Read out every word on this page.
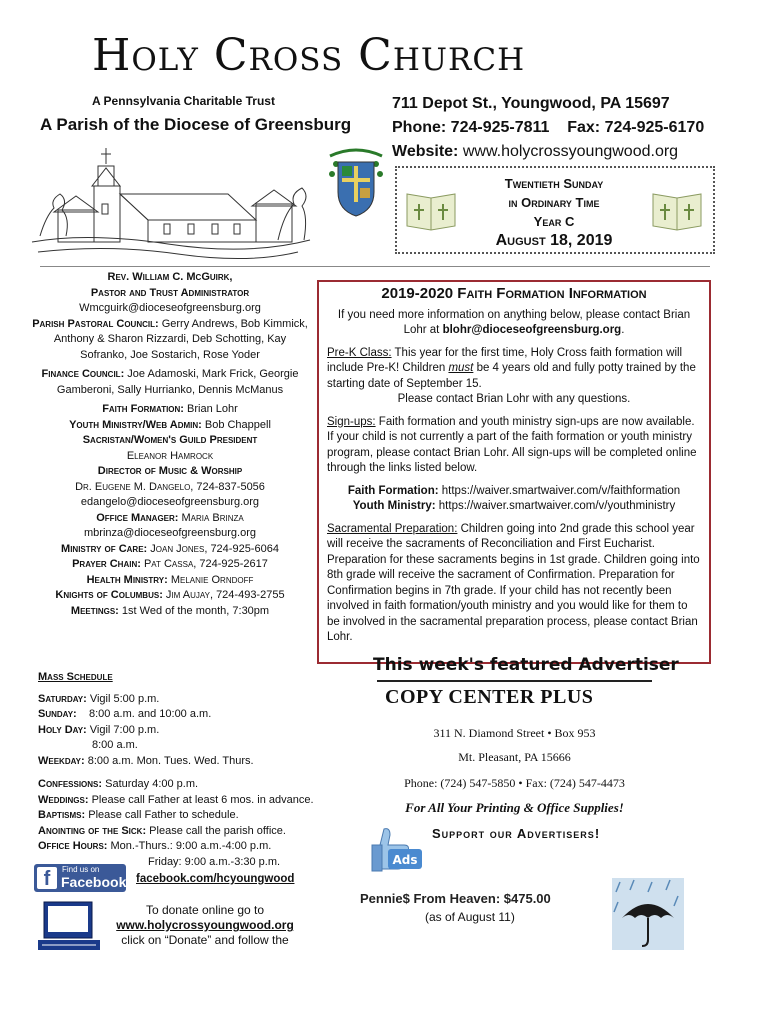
Holy Cross Church
A Pennsylvania Charitable Trust
A Parish of the Diocese of Greensburg
711 Depot St., Youngwood, PA 15697
Phone: 724-925-7811 Fax: 724-925-6170
Website: www.holycrossyoungwood.org
Twentieth Sunday
in Ordinary Time
Year C
August 18, 2019
Rev. William C. McGuirk,
Pastor and Trust Administrator
Wmcguirk@dioceseofgreensburg.org
Parish Pastoral Council: Gerry Andrews, Bob Kimmick, Anthony & Sharon Rizzardi, Deb Schotting, Kay Sofranko, Joe Sostarich, Rose Yoder
Finance Council: Joe Adamoski, Mark Frick, Georgie Gamberoni, Sally Hurrianko, Dennis McManus
Faith Formation: Brian Lohr
Youth Ministry/Web Admin: Bob Chappell
Sacristan/Women's Guild President
Eleanor Hamrock
Director of Music & Worship
Dr. Eugene M. Dangelo, 724-837-5056
edangelo@dioceseofgreensburg.org
Office Manager: Maria Brinza
mbrinza@dioceseofgreensburg.org
Ministry of Care: Joan Jones, 724-925-6064
Prayer Chain: Pat Cassa, 724-925-2617
Health Ministry: Melanie Orndoff
Knights of Columbus: Jim Aujay, 724-493-2755
Meetings: 1st Wed of the month, 7:30pm
2019-2020 Faith Formation Information

If you need more information on anything below, please contact Brian Lohr at blohr@dioceseofgreensburg.org.

Pre-K Class: This year for the first time, Holy Cross faith formation will include Pre-K! Children must be 4 years old and fully potty trained by the starting date of September 15.

Please contact Brian Lohr with any questions.

Sign-ups: Faith formation and youth ministry sign-ups are now available. If your child is not currently a part of the faith formation or youth ministry program, please contact Brian Lohr. All sign-ups will be completed online through the links listed below.

Faith Formation: https://waiver.smartwaiver.com/v/faithformation

Youth Ministry: https://waiver.smartwaiver.com/v/youthministry

Sacramental Preparation: Children going into 2nd grade this school year will receive the sacraments of Reconciliation and First Eucharist. Preparation for these sacraments begins in 1st grade. Children going into 8th grade will receive the sacrament of Confirmation. Preparation for Confirmation begins in 7th grade. If your child has not recently been involved in faith formation/youth ministry and you would like for them to be involved in the sacramental preparation process, please contact Brian Lohr.

Mass Schedule
Saturday: Vigil 5:00 p.m.
Sunday: 8:00 a.m. and 10:00 a.m.
Holy Day: Vigil 7:00 p.m.
8:00 a.m.
Weekday: 8:00 a.m. Mon. Tues. Wed. Thurs.
Confessions: Saturday 4:00 p.m.
Weddings: Please call Father at least 6 mos. in advance.
Baptisms: Please call Father to schedule.
Anointing of the Sick: Please call the parish office.
Office Hours: Mon.-Thurs.: 9:00 a.m.-4:00 p.m.
Friday: 9:00 a.m.-3:30 p.m.
This week's featured Advertiser
COPY CENTER PLUS
311 N. Diamond Street • Box 953
Mt. Pleasant, PA 15666
Phone: (724) 547-5850 • Fax: (724) 547-4473
For All Your Printing & Office Supplies!
Ads
Support our Advertisers!
f	Find us on
Facebook facebook.com/hcyoungwood
To donate online go to
www.holycrossyoungwood.org
click on “Donate” and follow the
Pennie$ From Heaven: $475.00
(as of August 11)
